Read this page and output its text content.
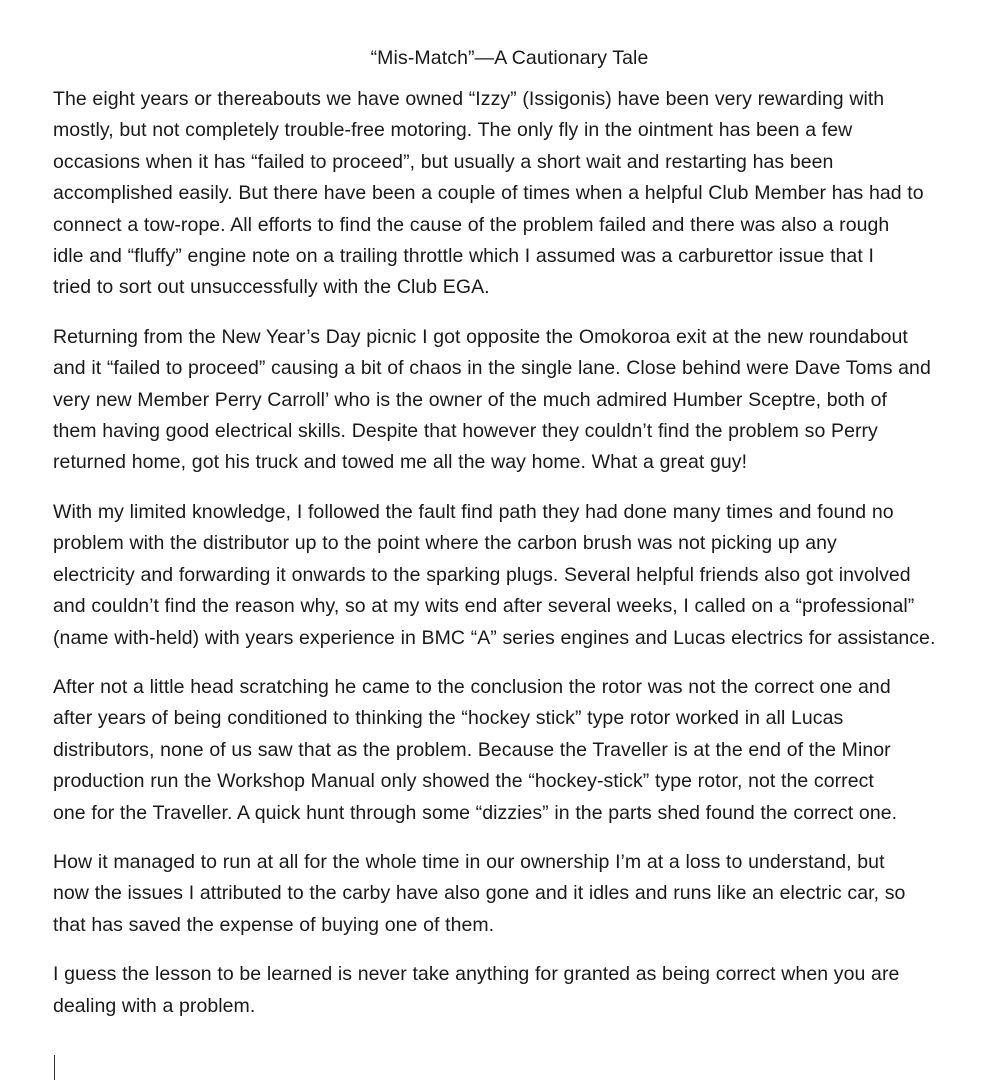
“Mis-Match”—A Cautionary Tale
The eight years or thereabouts we have owned “Izzy” (Issigonis) have been very rewarding with
mostly, but not completely trouble-free motoring. The only fly in the ointment has been a few
occasions when it has “failed to proceed”, but usually a short wait and restarting has been
accomplished easily. But there have been a couple of times when a helpful Club Member has had to
connect a tow-rope. All efforts to find the cause of the problem failed and there was also a rough
idle and “fluffy” engine note on a trailing throttle which I assumed was a carburettor issue that I
tried to sort out unsuccessfully with the Club EGA.
Returning from the New Year’s Day picnic I got opposite the Omokoroa exit at the new roundabout
and it “failed to proceed” causing a bit of chaos in the single lane. Close behind were Dave Toms and
very new Member Perry Carroll’ who is the owner of the much admired Humber Sceptre, both of
them having good electrical skills. Despite that however they couldn’t find the problem so Perry
returned home, got his truck and towed me all the way home. What a great guy!
With my limited knowledge, I followed the fault find path they had done many times and found no
problem with the distributor up to the point where the carbon brush was not picking up any
electricity and forwarding it onwards to the sparking plugs. Several helpful friends also got involved
and couldn’t find the reason why, so at my wits end after several weeks, I called on a “professional”
(name with-held) with years experience in BMC “A” series engines and Lucas electrics for assistance.
After not a little head scratching he came to the conclusion the rotor was not the correct one and
after years of being conditioned to thinking the “hockey stick” type rotor worked in all Lucas
distributors, none of us saw that as the problem. Because the Traveller is at the end of the Minor
production run the Workshop Manual only showed the “hockey-stick” type rotor, not the correct
one for the Traveller. A quick hunt through some “dizzies” in the parts shed found the correct one.
How it managed to run at all for the whole time in our ownership I’m at a loss to understand, but
now the issues I attributed to the carby have also gone and it idles and runs like an electric car, so
that has saved the expense of buying one of them.
I guess the lesson to be learned is never take anything for granted as being correct when you are
dealing with a problem.
